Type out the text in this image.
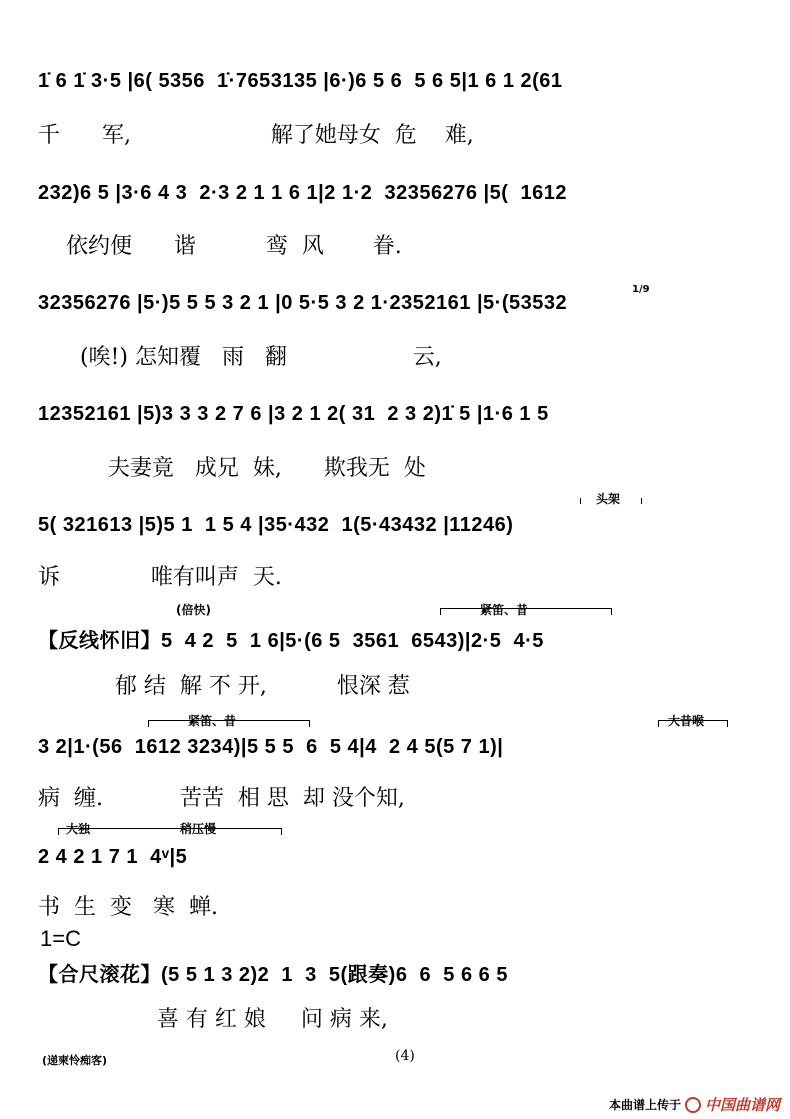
1̇ 6 1̇ 3·5 |6( 5356  1̇·7653135 |6·)6 5 6  5 6 5|1 6 1 2(61
千      军,                    解了她母女  危    难,
232)6 5 |3·6 4 3  2·3 2 1 1 6 1|2 1·2  32356276 |5(  1612
依约便      谐          鸾  风       眷.
32356276 |5·)5 5 5 3 2 1 |0 5·5 3 2 1·2352161 |5·(53532
(唉!) 怎知覆   雨   翻                  云,
1/9
12352161 |5)3 3 3 2 7 6 |3 2 1 2( 31  2 3 2)1̇ 5 |1·6 1 5
夫妻竟   成兄  妹,      欺我无  处
头架
5( 321613 |5)5 1  1 5 4 |35·432  1(5·43432 |11246)
诉             唯有叫声  天.
(倍快)	紧笛、昔
【反线怀旧】5  4 2  5  1 6|5·(6 5  3561  6543)|2·5  4·5
郁 结  解 不 开,          恨深 惹
紧笛、昔	大昔喉
3 2|1·(56  1612 3234)|5 5 5  6  5 4|4  2 4 5(5 7 1)|
病  缠.           苦苦  相 思  却 没个知,
大独	稍压慢
2 4 2 1 7 1  4ᵛ|5
书  生  变   寒  蝉.
1=C
【合尺滚花】(5 5 1 3 2)2  1  3  5(跟奏)6  6  5 6 6 5
喜 有 红 娘     问 病 来,
(递柬怜痴客)	(4)
本曲谱上传于 中国曲谱网
